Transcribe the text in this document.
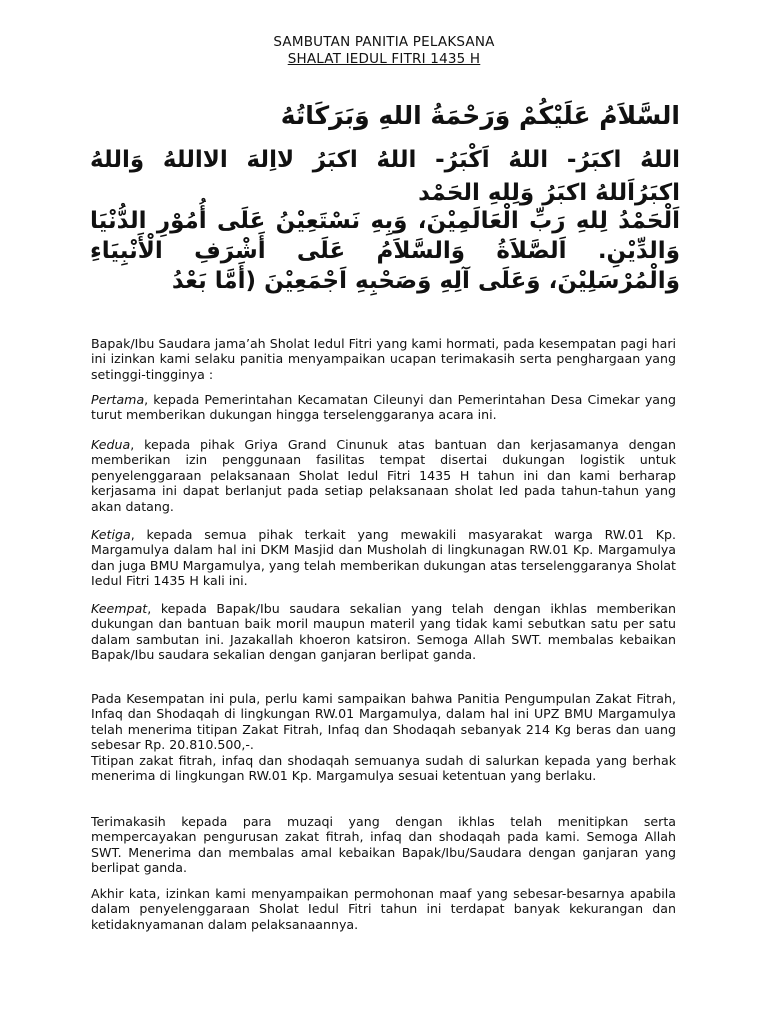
SAMBUTAN PANITIA PELAKSANA
SHALAT IEDUL FITRI 1435 H
السَّلاَمُ عَلَيْكُمْ وَرَحْمَةُ اللهِ وَبَرَكَاتُهُ
اللهُ اكبَرُ- اللهُ اَكْبَرُ- اللهُ اكبَرُ لااِلهَ الااللهُ وَاللهُ اكبَرُاَللهُ اكبَرُ وَلِلهِ الحَمْد
اَلْحَمْدُ لِلهِ رَبِّ الْعَالَمِيْنَ، وَبِهِ نَسْتَعِيْنُ عَلَى أُمُوْرِ الدُّنْيَا وَالدِّيْنِ. اَلصَّلاَةُ وَالسَّلاَمُ عَلَى أَشْرَفِ الْأَنْبِيَاءِ وَالْمُرْسَلِيْنَ، وَعَلَى آلِهِ وَصَحْبِهِ اَجْمَعِيْنَ (أَمَّا بَعْدُ

Bapak/Ibu Saudara jama’ah Sholat Iedul Fitri yang kami hormati, pada kesempatan pagi hari ini izinkan kami selaku panitia menyampaikan ucapan terimakasih serta penghargaan yang setinggi-tingginya :

Pertama, kepada Pemerintahan Kecamatan Cileunyi dan Pemerintahan Desa Cimekar yang turut memberikan dukungan hingga terselenggaranya acara ini.

Kedua, kepada pihak Griya Grand Cinunuk atas bantuan dan kerjasamanya dengan memberikan izin penggunaan fasilitas tempat disertai dukungan logistik untuk penyelenggaraan pelaksanaan Sholat Iedul Fitri 1435 H tahun ini dan kami berharap kerjasama ini dapat berlanjut pada setiap pelaksanaan sholat Ied pada tahun-tahun yang akan datang.

Ketiga, kepada semua pihak terkait yang mewakili masyarakat warga RW.01 Kp. Margamulya dalam hal ini DKM Masjid dan Musholah di lingkunagan RW.01 Kp. Margamulya dan juga BMU Margamulya, yang telah memberikan dukungan atas terselenggaranya Sholat Iedul Fitri 1435 H kali ini.

Keempat, kepada Bapak/Ibu saudara sekalian yang telah dengan ikhlas memberikan dukungan dan bantuan baik moril maupun materil yang tidak kami sebutkan satu per satu dalam sambutan ini. Jazakallah khoeron katsiron. Semoga Allah SWT. membalas kebaikan Bapak/Ibu saudara sekalian dengan ganjaran berlipat ganda.

Pada Kesempatan ini pula, perlu kami sampaikan bahwa Panitia Pengumpulan Zakat Fitrah, Infaq dan Shodaqah di lingkungan RW.01 Margamulya, dalam hal ini UPZ BMU Margamulya telah menerima titipan Zakat Fitrah, Infaq dan Shodaqah sebanyak 214 Kg beras dan uang sebesar Rp. 20.810.500,-.
Titipan zakat fitrah, infaq dan shodaqah semuanya sudah di salurkan kepada yang berhak menerima di lingkungan RW.01 Kp. Margamulya sesuai ketentuan yang berlaku.

Terimakasih kepada para muzaqi yang dengan ikhlas telah menitipkan serta mempercayakan pengurusan zakat fitrah, infaq dan shodaqah pada kami. Semoga Allah SWT. Menerima dan membalas amal kebaikan Bapak/Ibu/Saudara dengan ganjaran yang berlipat ganda.

Akhir kata, izinkan kami menyampaikan permohonan maaf yang sebesar-besarnya apabila dalam penyelenggaraan Sholat Iedul Fitri tahun ini terdapat banyak kekurangan dan ketidaknyamanan dalam pelaksanaannya.
